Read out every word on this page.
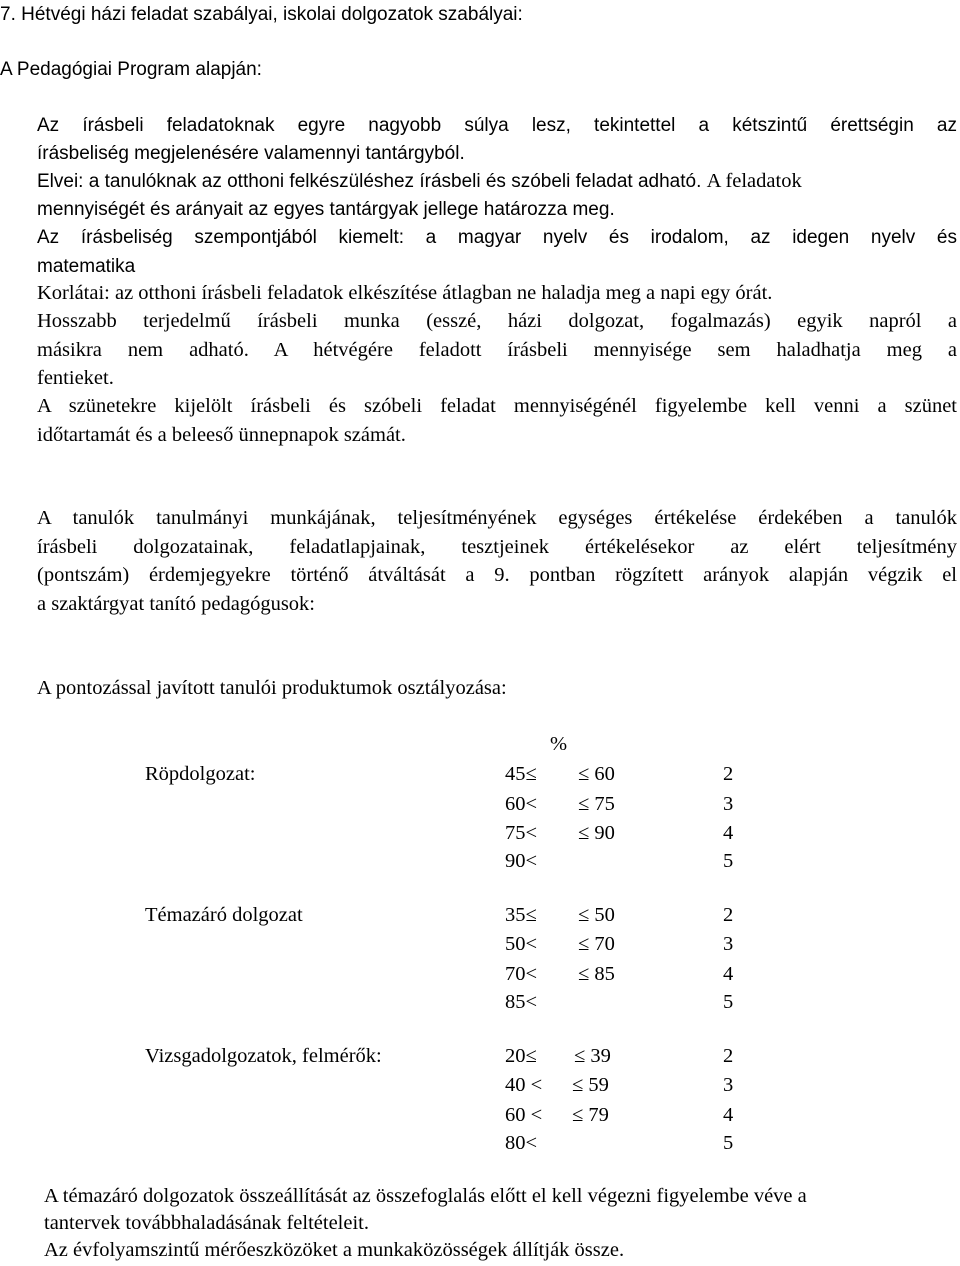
7. Hétvégi házi feladat szabályai, iskolai dolgozatok szabályai:
A Pedagógiai Program alapján:
Az írásbeli feladatoknak egyre nagyobb súlya lesz, tekintettel a kétszintű érettségin az
írásbeliség megjelenésére valamennyi tantárgyból.
Elvei: a tanulóknak az otthoni felkészüléshez írásbeli és szóbeli feladat adható. A feladatok
mennyiségét és arányait az egyes tantárgyak jellege határozza meg.
Az írásbeliség szempontjából kiemelt: a magyar nyelv és irodalom, az idegen nyelv és
matematika
Korlátai: az otthoni írásbeli feladatok elkészítése átlagban ne haladja meg a napi egy órát.
Hosszabb terjedelmű írásbeli munka (esszé, házi dolgozat, fogalmazás) egyik napról a
másikra nem adható. A hétvégére feladott írásbeli mennyisége sem haladhatja meg a
fentieket.
A szünetekre kijelölt írásbeli és szóbeli feladat mennyiségénél figyelembe kell venni a szünet
időtartamát és a beleeső ünnepnapok számát.
A tanulók tanulmányi munkájának, teljesítményének egységes értékelése érdekében a tanulók
írásbeli dolgozatainak, feladatlapjainak, tesztjeinek értékelésekor az elért teljesítmény
(pontszám) érdemjegyekre történő átváltását a 9. pontban rögzített arányok alapján végzik el
a szaktárgyat tanító pedagógusok:
A pontozással javított tanulói produktumok osztályozása:
%
Röpdolgozat:	45≤ ≤ 60	2
60< ≤ 75	3
75< ≤ 90	4
90<	5
Témazáró dolgozat	35≤ ≤ 50	2
50< ≤ 70	3
70< ≤ 85	4
85<	5
Vizsgadolgozatok, felmérők:	20≤ ≤ 39	2
40 < ≤ 59	3
60 < ≤ 79	4
80<	5
A témazáró dolgozatok összeállítását az összefoglalás előtt el kell végezni figyelembe véve a
tantervek továbbhaladásának feltételeit.
Az évfolyamszintű mérőeszközöket a munkaközösségek állítják össze.
